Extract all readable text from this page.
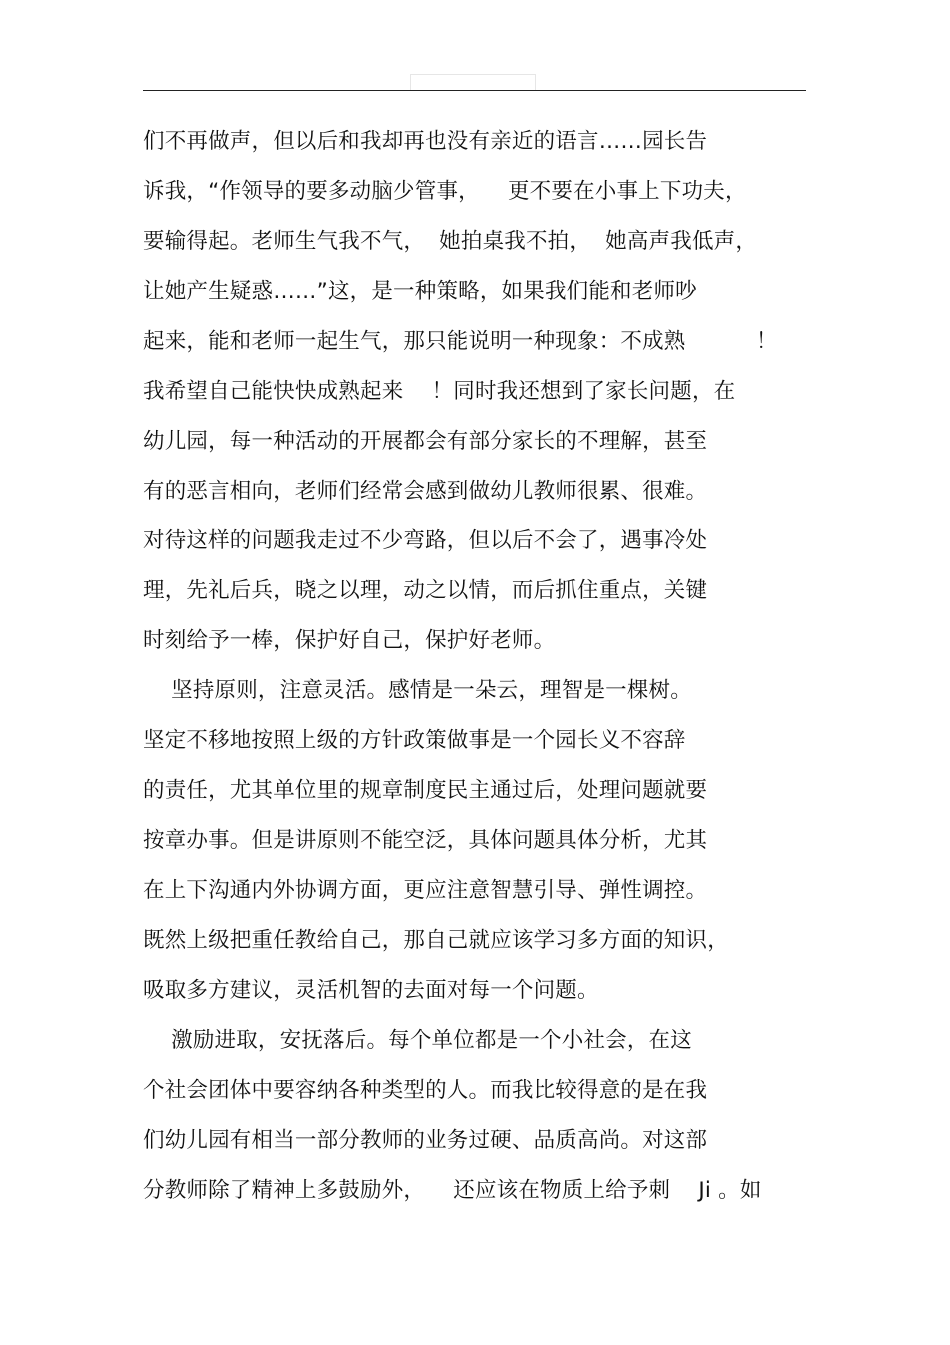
们不再做声，但以后和我却再也没有亲近的语言……园长告
诉我，“作领导的要多动脑少管事，    更不要在小事上下功夫，
要输得起。老师生气我不气，  她拍桌我不拍，  她高声我低声，
让她产生疑惑……”这，是一种策略，如果我们能和老师吵
起来，能和老师一起生气，那只能说明一种现象：不成熟          ！
我希望自己能快快成熟起来    ！同时我还想到了家长问题，在
幼儿园，每一种活动的开展都会有部分家长的不理解，甚至
有的恶言相向，老师们经常会感到做幼儿教师很累、很难。
对待这样的问题我走过不少弯路，但以后不会了，遇事冷处
理，先礼后兵，晓之以理，动之以情，而后抓住重点，关键
时刻给予一棒，保护好自己，保护好老师。
坚持原则，注意灵活。感情是一朵云，理智是一棵树。
坚定不移地按照上级的方针政策做事是一个园长义不容辞
的责任，尤其单位里的规章制度民主通过后，处理问题就要
按章办事。但是讲原则不能空泛，具体问题具体分析，尤其
在上下沟通内外协调方面，更应注意智慧引导、弹性调控。
既然上级把重任教给自己，那自己就应该学习多方面的知识，
吸取多方建议，灵活机智的去面对每一个问题。
激励进取，安抚落后。每个单位都是一个小社会，在这
个社会团体中要容纳各种类型的人。而我比较得意的是在我
们幼儿园有相当一部分教师的业务过硬、品质高尚。对这部
分教师除了精神上多鼓励外，    还应该在物质上给予刺    Ji 。如
